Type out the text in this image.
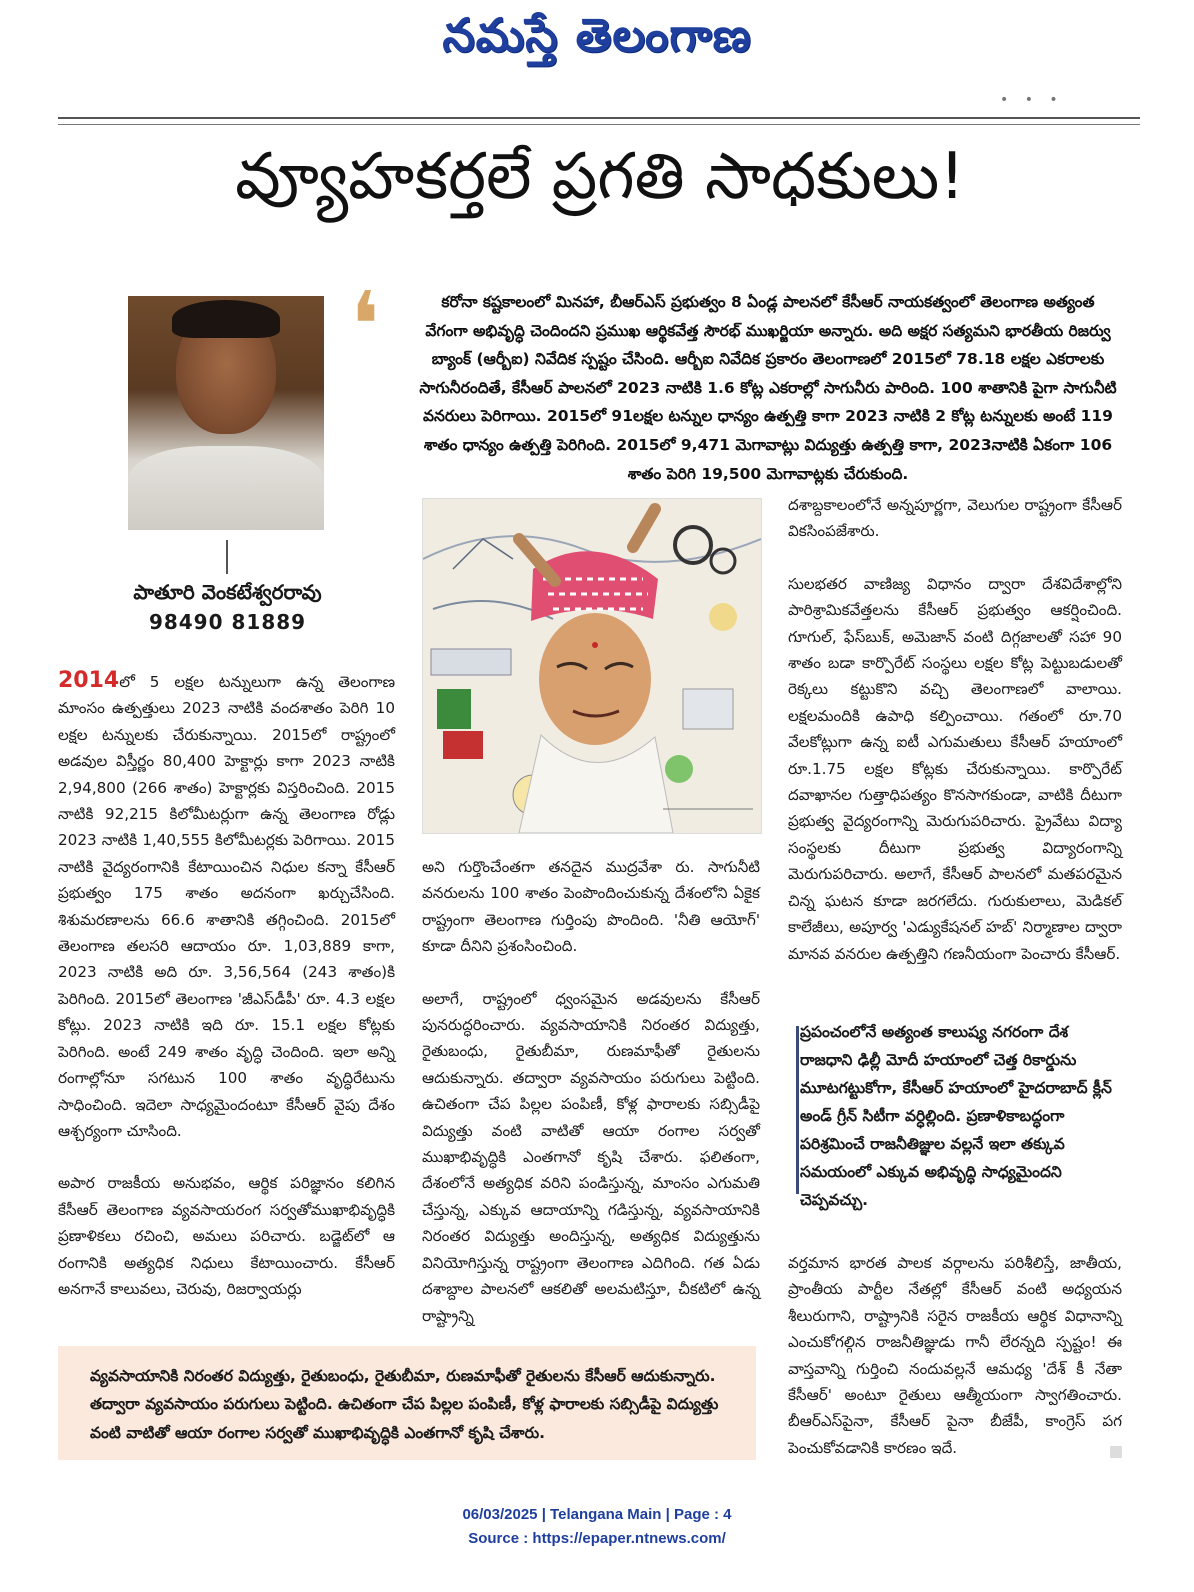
నమస్తే తెలంగాణ
• • •
వ్యూహకర్తలే ప్రగతి సాధకులు!
పాతూరి వెంకటేశ్వరరావు
98490 81889
❛	కరోనా కష్టకాలంలో మినహా, బీఆర్ఎస్ ప్రభుత్వం 8 ఏండ్ల పాలనలో కేసీఆర్ నాయకత్వంలో తెలంగాణ అత్యంత వేగంగా అభివృద్ధి చెందిందని ప్రముఖ ఆర్థికవేత్త సౌరభ్ ముఖర్జియా అన్నారు. అది అక్షర సత్యమని భారతీయ రిజర్వు బ్యాంక్ (ఆర్బీఐ) నివేదిక స్పష్టం చేసింది. ఆర్బీఐ నివేదిక ప్రకారం తెలంగాణలో 2015లో 78.18 లక్షల ఎకరాలకు సాగునీరందితే, కేసీఆర్ పాలనలో 2023 నాటికి 1.6 కోట్ల ఎకరాల్లో సాగునీరు పారింది. 100 శాతానికి పైగా సాగునీటి వనరులు పెరిగాయి. 2015లో 91లక్షల టన్నుల ధాన్యం ఉత్పత్తి కాగా 2023 నాటికి 2 కోట్ల టన్నులకు అంటే 119 శాతం ధాన్యం ఉత్పత్తి పెరిగింది. 2015లో 9,471 మెగావాట్లు విద్యుత్తు ఉత్పత్తి కాగా, 2023నాటికి ఏకంగా 106 శాతం పెరిగి 19,500 మెగావాట్లకు చేరుకుంది.

2014లో 5 లక్షల టన్నులుగా ఉన్న తెలంగాణ మాంసం ఉత్పత్తులు 2023 నాటికి వందశాతం పెరిగి 10 లక్షల టన్నులకు చేరుకున్నాయి. 2015లో రాష్ట్రంలో అడవుల విస్తీర్ణం 80,400 హెక్టార్లు కాగా 2023 నాటికి 2,94,800 (266 శాతం) హెక్టార్లకు విస్తరించింది. 2015 నాటికి 92,215 కిలోమీటర్లుగా ఉన్న తెలంగాణ రోడ్లు 2023 నాటికి 1,40,555 కిలోమీటర్లకు పెరిగాయి. 2015 నాటికి వైద్యరంగానికి కేటాయించిన నిధుల కన్నా కేసీఆర్ ప్రభుత్వం 175 శాతం అదనంగా ఖర్చుచేసింది. శిశుమరణాలను 66.6 శాతానికి తగ్గించింది. 2015లో తెలంగాణ తలసరి ఆదాయం రూ. 1,03,889 కాగా, 2023 నాటికి అది రూ. 3,56,564 (243 శాతం)కి పెరిగింది. 2015లో తెలంగాణ 'జీఎస్‌డీపీ' రూ. 4.3 లక్షల కోట్లు. 2023 నాటికి ఇది రూ. 15.1 లక్షల కోట్లకు పెరిగింది. అంటే 249 శాతం వృద్ధి చెందింది. ఇలా అన్ని రంగాల్లోనూ సగటున 100 శాతం వృద్ధిరేటును సాధించింది. ఇదెలా సాధ్యమైందంటూ కేసీఆర్ వైపు దేశం ఆశ్చర్యంగా చూసింది.

అపార రాజకీయ అనుభవం, ఆర్థిక పరిజ్ఞానం కలిగిన కేసీఆర్ తెలంగాణ వ్యవసాయరంగ సర్వతోముఖాభివృద్ధికి ప్రణాళికలు రచించి, అమలు పరిచారు. బడ్జెట్‌లో ఆ రంగానికి అత్యధిక నిధులు కేటాయించారు. కేసీఆర్ అనగానే కాలువలు, చెరువు, రిజర్వాయర్లు

అని గుర్తొంచేంతగా తనదైన ముద్రవేశా రు. సాగునీటి వనరులను 100 శాతం పెంపొందించుకున్న దేశంలోని ఏకైక రాష్ట్రంగా తెలంగాణ గుర్తింపు పొందింది. 'నీతి ఆయోగ్' కూడా దీనిని ప్రశంసించింది.

అలాగే, రాష్ట్రంలో ధ్వంసమైన అడవులను కేసీఆర్ పునరుద్ధరించారు. వ్యవసాయానికి నిరంతర విద్యుత్తు, రైతుబంధు, రైతుబీమా, రుణమాఫీతో రైతులను ఆదుకున్నారు. తద్వారా వ్యవసాయం పరుగులు పెట్టింది. ఉచితంగా చేప పిల్లల పంపిణీ, కోళ్ల ఫారాలకు సబ్సిడీపై విద్యుత్తు వంటి వాటితో ఆయా రంగాల సర్వతో ముఖాభివృద్ధికి ఎంతగానో కృషి చేశారు. ఫలితంగా, దేశంలోనే అత్యధిక వరిని పండిస్తున్న, మాంసం ఎగుమతి చేస్తున్న, ఎక్కువ ఆదాయాన్ని గడిస్తున్న, వ్యవసాయానికి నిరంతర విద్యుత్తు అందిస్తున్న, అత్యధిక విద్యుత్తును వినియోగిస్తున్న రాష్ట్రంగా తెలంగాణ ఎదిగింది. గత ఏడు దశాబ్దాల పాలనలో ఆకలితో అలమటిస్తూ, చీకటిలో ఉన్న రాష్ట్రాన్ని

దశాబ్దకాలంలోనే అన్నపూర్ణగా, వెలుగుల రాష్ట్రంగా కేసీఆర్ వికసింపజేశారు.

సులభతర వాణిజ్య విధానం ద్వారా దేశవిదేశాల్లోని పారిశ్రామికవేత్తలను కేసీఆర్ ప్రభుత్వం ఆకర్షించింది. గూగుల్, ఫేస్‌బుక్, అమెజాన్ వంటి దిగ్గజాలతో సహా 90 శాతం బడా కార్పొరేట్ సంస్థలు లక్షల కోట్ల పెట్టుబడులతో రెక్కలు కట్టుకొని వచ్చి తెలంగాణలో వాలాయి. లక్షలమందికి ఉపాధి కల్పించాయి. గతంలో రూ.70 వేలకోట్లుగా ఉన్న ఐటీ ఎగుమతులు కేసీఆర్ హయాంలో రూ.1.75 లక్షల కోట్లకు చేరుకున్నాయి. కార్పొరేట్ దవాఖానల గుత్తాధిపత్యం కొనసాగకుండా, వాటికి దీటుగా ప్రభుత్వ వైద్యరంగాన్ని మెరుగుపరిచారు. ప్రైవేటు విద్యా సంస్థలకు దీటుగా ప్రభుత్వ విద్యారంగాన్ని మెరుగుపరిచారు. అలాగే, కేసీఆర్ పాలనలో మతపరమైన చిన్న ఘటన కూడా జరగలేదు. గురుకులాలు, మెడికల్ కాలేజీలు, అపూర్వ 'ఎడ్యుకేషనల్ హబ్' నిర్మాణాల ద్వారా మానవ వనరుల ఉత్పత్తిని గణనీయంగా పెంచారు కేసీఆర్.

ప్రపంచంలోనే అత్యంత కాలుష్య నగరంగా దేశ రాజధాని ఢిల్లీ మోదీ హయాంలో చెత్త రికార్డును మూటగట్టుకోగా, కేసీఆర్ హయాంలో హైదరాబాద్ క్లీన్ అండ్ గ్రీన్ సిటీగా వర్ధిల్లింది. ప్రణాళికాబద్ధంగా పరిశ్రమించే రాజనీతిజ్ఞుల వల్లనే ఇలా తక్కువ సమయంలో ఎక్కువ అభివృద్ధి సాధ్యమైందని చెప్పవచ్చు.

వర్తమాన భారత పాలక వర్గాలను పరిశీలిస్తే, జాతీయ, ప్రాంతీయ పార్టీల నేతల్లో కేసీఆర్ వంటి అధ్యయన శీలురుగాని, రాష్ట్రానికి సరైన రాజకీయ ఆర్థిక విధానాన్ని ఎంచుకోగల్గిన రాజనీతిజ్ఞుడు గానీ లేరన్నది స్పష్టం! ఈ వాస్తవాన్ని గుర్తించి నందువల్లనే ఆమధ్య 'దేశ్ కీ నేతా కేసీఆర్' అంటూ రైతులు ఆత్మీయంగా స్వాగతించారు. బీఆర్ఎస్‌పైనా, కేసీఆర్ పైనా బీజేపీ, కాంగ్రెస్ పగ పెంచుకోవడానికి కారణం ఇదే.

వ్యవసాయానికి నిరంతర విద్యుత్తు, రైతుబంధు, రైతుబీమా, రుణమాఫీతో రైతులను కేసీఆర్ ఆదుకున్నారు. తద్వారా వ్యవసాయం పరుగులు పెట్టింది. ఉచితంగా చేప పిల్లల పంపిణీ, కోళ్ల ఫారాలకు సబ్సిడీపై విద్యుత్తు వంటి వాటితో ఆయా రంగాల సర్వతో ముఖాభివృద్ధికి ఎంతగానో కృషి చేశారు.
06/03/2025 | Telangana Main | Page : 4
Source : https://epaper.ntnews.com/
